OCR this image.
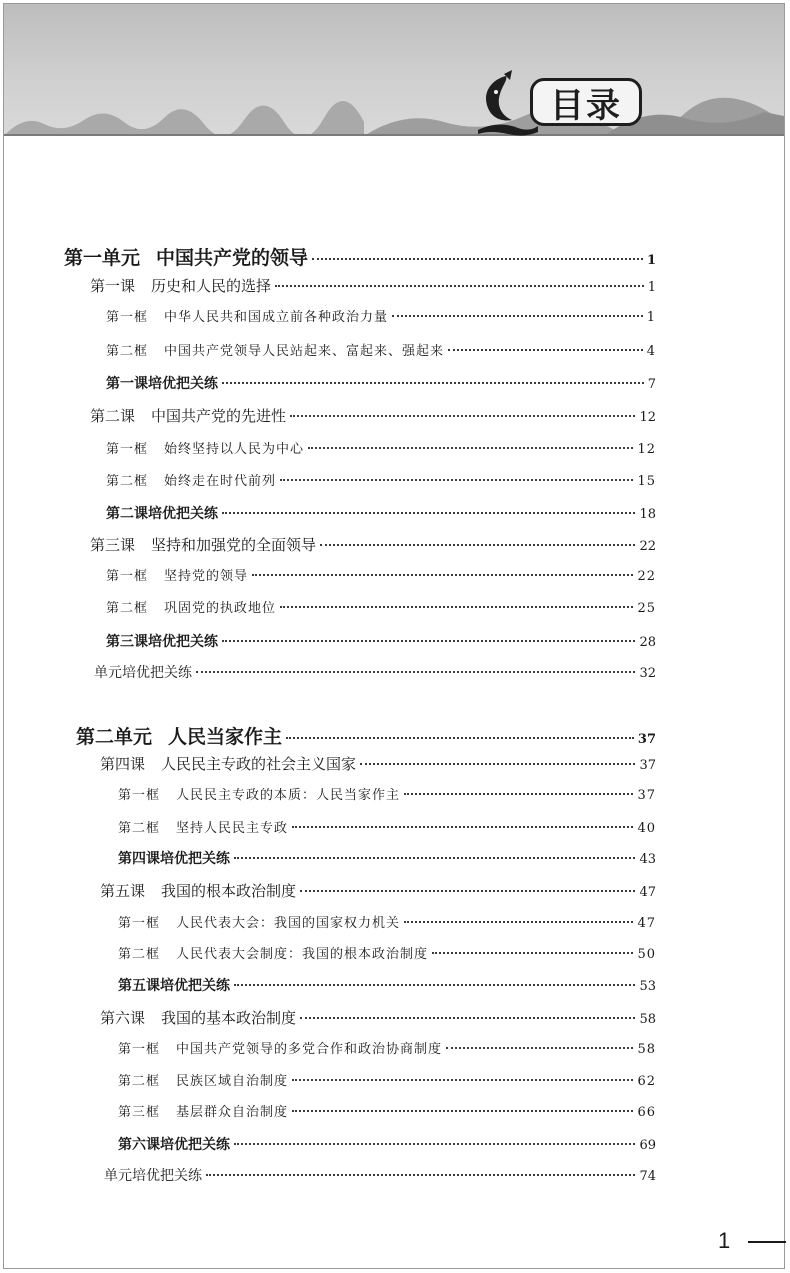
目录
第一单元 中国共产党的领导	1
第一课 历史和人民的选择	1
第一框 中华人民共和国成立前各种政治力量	1
第二框 中国共产党领导人民站起来、富起来、强起来	4
第一课培优把关练	7
第二课 中国共产党的先进性	12
第一框 始终坚持以人民为中心	12
第二框 始终走在时代前列	15
第二课培优把关练	18
第三课 坚持和加强党的全面领导	22
第一框 坚持党的领导	22
第二框 巩固党的执政地位	25
第三课培优把关练	28
单元培优把关练	32
第二单元 人民当家作主	37
第四课 人民民主专政的社会主义国家	37
第一框 人民民主专政的本质：人民当家作主	37
第二框 坚持人民民主专政	40
第四课培优把关练	43
第五课 我国的根本政治制度	47
第一框 人民代表大会：我国的国家权力机关	47
第二框 人民代表大会制度：我国的根本政治制度	50
第五课培优把关练	53
第六课 我国的基本政治制度	58
第一框 中国共产党领导的多党合作和政治协商制度	58
第二框 民族区域自治制度	62
第三框 基层群众自治制度	66
第六课培优把关练	69
单元培优把关练	74
1
